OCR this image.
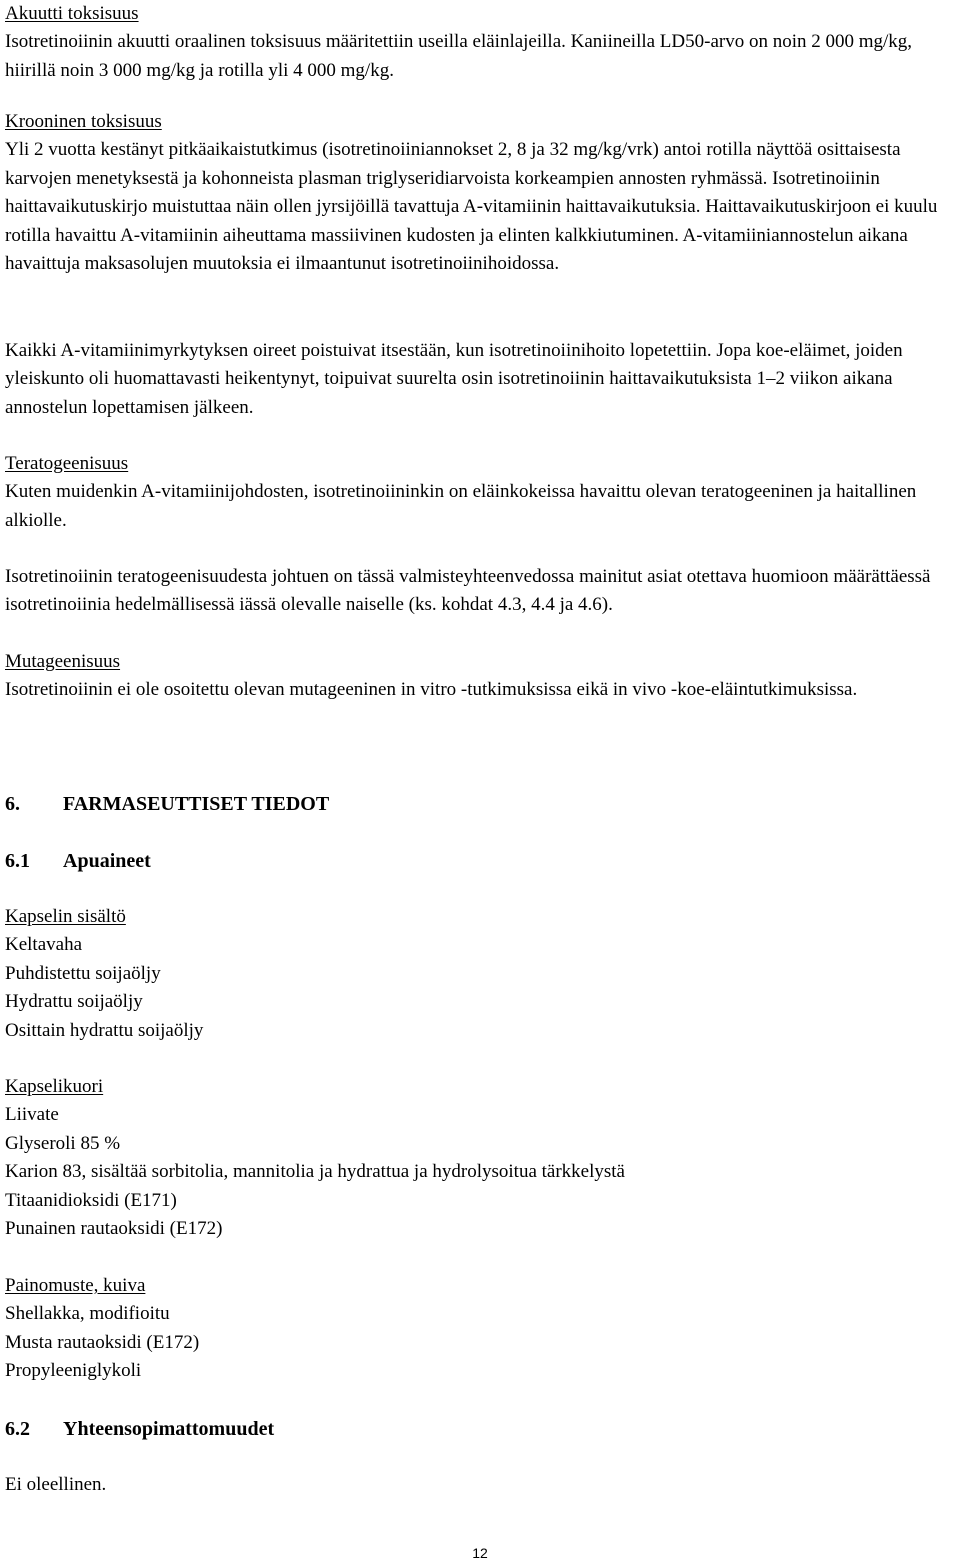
Akuutti toksisuus

Isotretinoiinin akuutti oraalinen toksisuus määritettiin useilla eläinlajeilla. Kaniineilla LD50-arvo on noin 2 000 mg/kg, hiirillä noin 3 000 mg/kg ja rotilla yli 4 000 mg/kg.

Krooninen toksisuus

Yli 2 vuotta kestänyt pitkäaikaistutkimus (isotretinoiiniannokset 2, 8 ja 32 mg/kg/vrk) antoi rotilla näyttöä osittaisesta karvojen menetyksestä ja kohonneista plasman triglyseridiarvoista korkeampien annosten ryhmässä. Isotretinoiinin haittavaikutuskirjo muistuttaa näin ollen jyrsijöillä tavattuja A-vitamiinin haittavaikutuksia. Haittavaikutuskirjoon ei kuulu rotilla havaittu A-vitamiinin aiheuttama massiivinen kudosten ja elinten kalkkiutuminen. A-vitamiiniannostelun aikana havaittuja maksasolujen muutoksia ei ilmaantunut isotretinoiinihoidossa.

Kaikki A-vitamiinimyrkytyksen oireet poistuivat itsestään, kun isotretinoiinihoito lopetettiin. Jopa koe-eläimet, joiden yleiskunto oli huomattavasti heikentynyt, toipuivat suurelta osin isotretinoiinin haittavaikutuksista 1–2 viikon aikana annostelun lopettamisen jälkeen.

Teratogeenisuus

Kuten muidenkin A-vitamiinijohdosten, isotretinoiininkin on eläinkokeissa havaittu olevan teratogeeninen ja haitallinen alkiolle.

Isotretinoiinin teratogeenisuudesta johtuen on tässä valmisteyhteenvedossa mainitut asiat otettava huomioon määrättäessä isotretinoiinia hedelmällisessä iässä olevalle naiselle (ks. kohdat 4.3, 4.4 ja 4.6).

Mutageenisuus

Isotretinoiinin ei ole osoitettu olevan mutageeninen in vitro -tutkimuksissa eikä in vivo -koe-eläintutkimuksissa.

6. FARMASEUTTISET TIEDOT
6.1 Apuaineet

Kapselin sisältö

Keltavaha

Puhdistettu soijaöljy

Hydrattu soijaöljy

Osittain hydrattu soijaöljy

Kapselikuori

Liivate

Glyseroli 85 %

Karion 83, sisältää sorbitolia, mannitolia ja hydrattua ja hydrolysoitua tärkkelystä

Titaanidioksidi (E171)

Punainen rautaoksidi (E172)

Painomuste, kuiva

Shellakka, modifioitu

Musta rautaoksidi (E172)

Propyleeniglykoli

6.2 Yhteensopimattomuudet

Ei oleellinen.

12
